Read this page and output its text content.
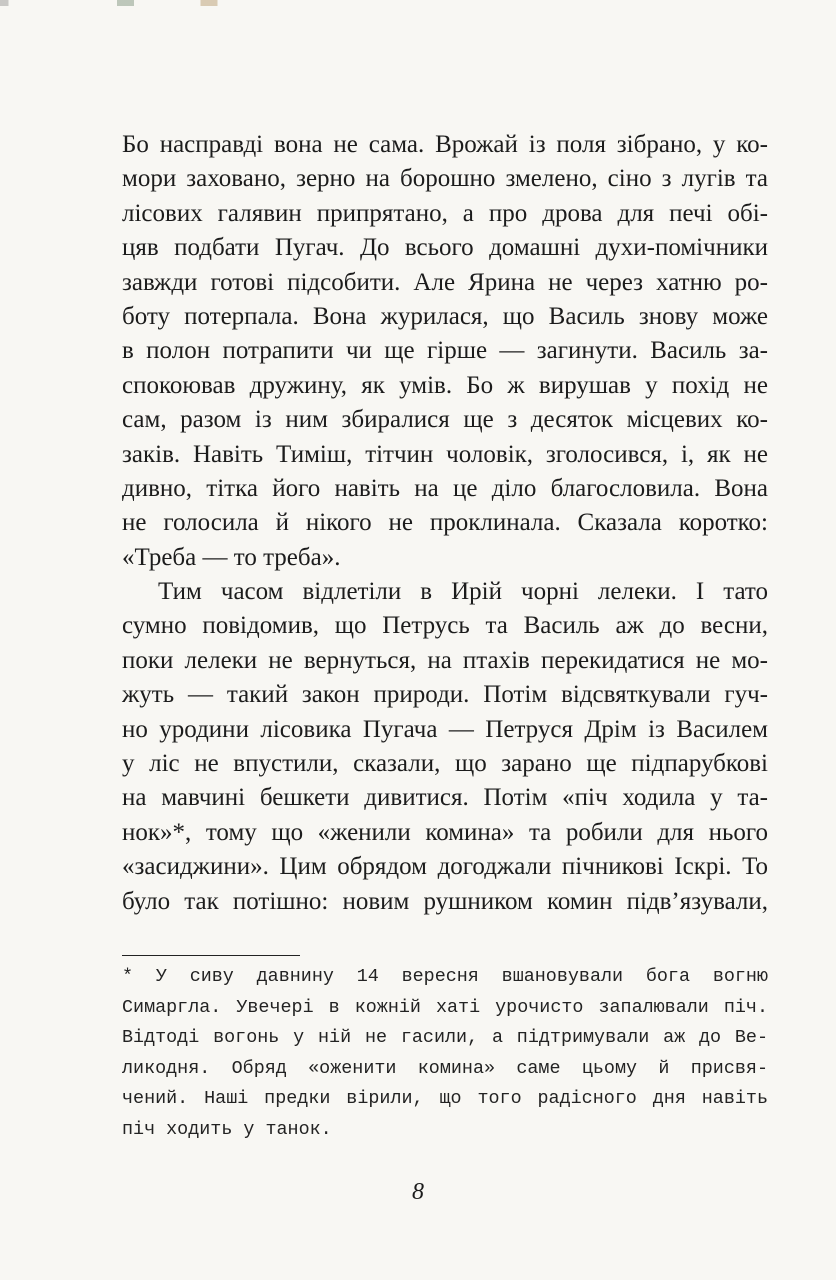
Бо насправді вона не сама. Врожай із поля зібрано, у ко-
мори заховано, зерно на борошно змелено, сіно з лугів та
лісових галявин припрятано, а про дрова для печі обі-
цяв подбати Пугач. До всього домашні духи-помічники
завжди готові підсобити. Але Ярина не через хатню ро-
боту потерпала. Вона журилася, що Василь знову може
в полон потрапити чи ще гірше — загинути. Василь за-
спокоював дружину, як умів. Бо ж вирушав у похід не
сам, разом із ним збиралися ще з десяток місцевих ко-
заків. Навіть Тиміш, тітчин чоловік, зголосився, і, як не
дивно, тітка його навіть на це діло благословила. Вона
не голосила й нікого не проклинала. Сказала коротко:
«Треба — то треба».
Тим часом відлетіли в Ирій чорні лелеки. І тато
сумно повідомив, що Петрусь та Василь аж до весни,
поки лелеки не вернуться, на птахів перекидатися не мо-
жуть — такий закон природи. Потім відсвяткували гуч-
но уродини лісовика Пугача — Петруся Дрім із Василем
у ліс не впустили, сказали, що зарано ще підпарубкові
на мавчині бешкети дивитися. Потім «піч ходила у та-
нок»*, тому що «женили комина» та робили для нього
«засиджини». Цим обрядом догоджали пічникові Іскрі. То
було так потішно: новим рушником комин підв’язували,
* У сиву давнину 14 вересня вшановували бога вогню
Симаргла. Увечері в кожній хаті урочисто запалювали піч.
Відтоді вогонь у ній не гасили, а підтримували аж до Ве-
ликодня. Обряд «оженити комина» саме цьому й присвя-
чений. Наші предки вірили, що того радісного дня навіть
піч ходить у танок.
8
